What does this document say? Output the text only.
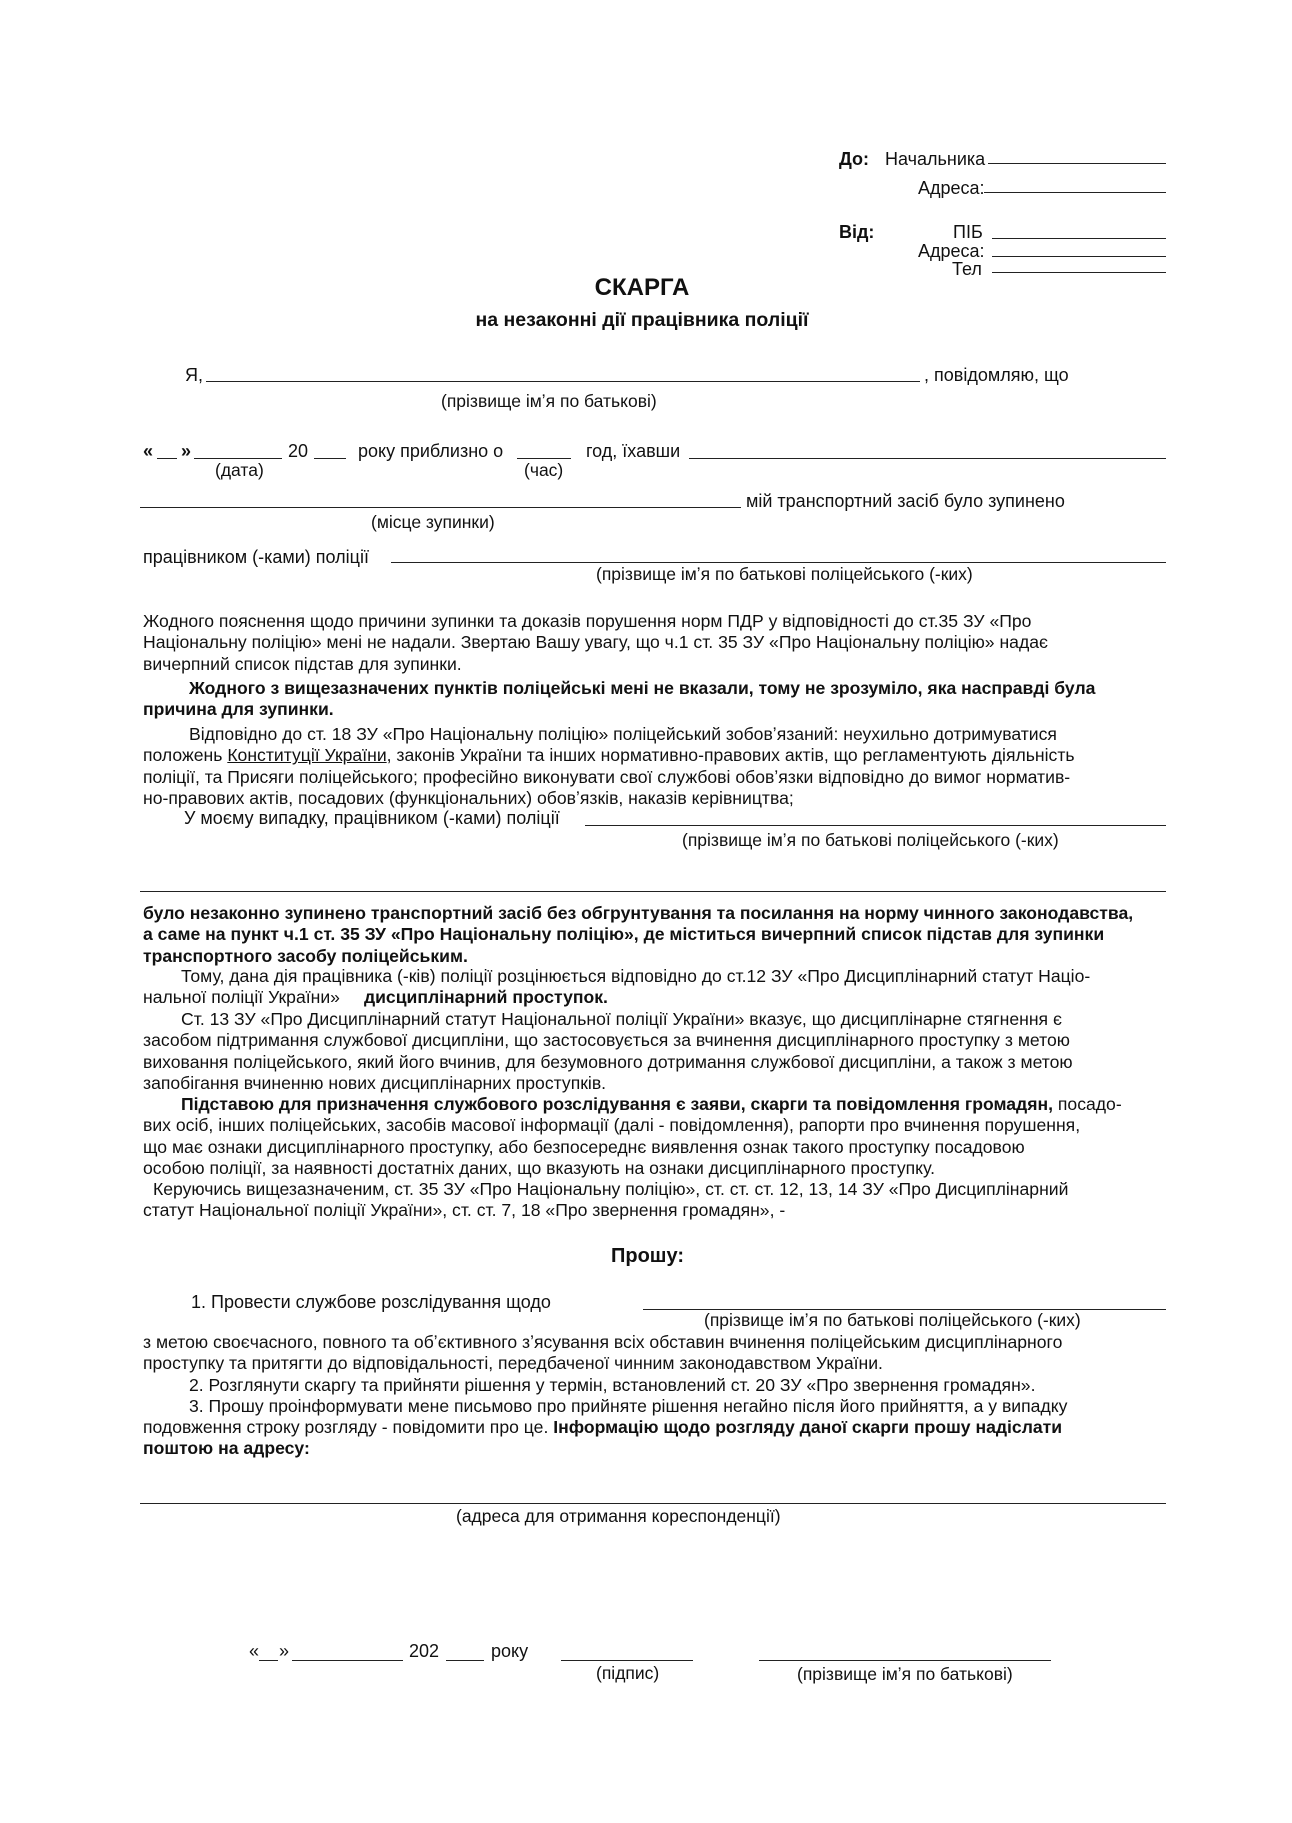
До: Начальника
Адреса:
Від:	ПІБ
Адреса:
Тел
СКАРГА
на незаконні дії працівника поліції
Я,	, повідомляю, що
(прізвище імʼя по батькові)
« »	20	року приблизно о	год, їхавши
(дата)	(час)
мій транспортний засіб було зупинено
(місце зупинки)
працівником (-ками) поліції
(прізвище імʼя по батькові поліцейського (-ких)
Жодного пояснення щодо причини зупинки та доказів порушення норм ПДР у відповідності до ст.35 ЗУ «Про
Національну поліцію» мені не надали. Звертаю Вашу увагу, що ч.1 ст. 35 ЗУ «Про Національну поліцію» надає
вичерпний список підстав для зупинки.
Жодного з вищезазначених пунктів поліцейські мені не вказали, тому не зрозуміло, яка насправді була
причина для зупинки.
Відповідно до ст. 18 ЗУ «Про Національну поліцію» поліцейський зобовʼязаний: неухильно дотримуватися
положень Конституції України, законів України та інших нормативно-правових актів, що регламентують діяльність
поліції, та Присяги поліцейського; професійно виконувати свої службові обовʼязки відповідно до вимог норматив-
но-правових актів, посадових (функціональних) обовʼязків, наказів керівництва;
У моєму випадку, працівником (-ками) поліції
(прізвище імʼя по батькові поліцейського (-ких)
було незаконно зупинено транспортний засіб без обгрунтування та посилання на норму чинного законодавства,
а саме на пункт ч.1 ст. 35 ЗУ «Про Національну поліцію», де міститься вичерпний список підстав для зупинки
транспортного засобу поліцейським.
Тому, дана дія працівника (-ків) поліції розцінюється відповідно до ст.12 ЗУ «Про Дисциплінарний статут Націо-
нальної поліції України» дисциплінарний проступок.
Ст. 13 ЗУ «Про Дисциплінарний статут Національної поліції України» вказує, що дисциплінарне стягнення є
засобом підтримання службової дисципліни, що застосовується за вчинення дисциплінарного проступку з метою
виховання поліцейського, який його вчинив, для безумовного дотримання службової дисципліни, а також з метою
запобігання вчиненню нових дисциплінарних проступків.
Підставою для призначення службового розслідування є заяви, скарги та повідомлення громадян, посадо-
вих осіб, інших поліцейських, засобів масової інформації (далі - повідомлення), рапорти про вчинення порушення,
що має ознаки дисциплінарного проступку, або безпосереднє виявлення ознак такого проступку посадовою
особою поліції, за наявності достатніх даних, що вказують на ознаки дисциплінарного проступку.
Керуючись вищезазначеним, ст. 35 ЗУ «Про Національну поліцію», ст. ст. ст. 12, 13, 14 ЗУ «Про Дисциплінарний
статут Національної поліції України», ст. ст. 7, 18 «Про звернення громадян», -
Прошу:
1. Провести службове розслідування щодо
(прізвище імʼя по батькові поліцейського (-ких)
з метою своєчасного, повного та обʼєктивного зʼясування всіх обставин вчинення поліцейським дисциплінарного
проступку та притягти до відповідальності, передбаченої чинним законодавством України.
2. Розглянути скаргу та прийняти рішення у термін, встановлений ст. 20 ЗУ «Про звернення громадян».
3. Прошу проінформувати мене письмово про прийняте рішення негайно після його прийняття, а у випадку
подовження строку розгляду - повідомити про це. Інформацію щодо розгляду даної скарги прошу надіслати
поштою на адресу:
(адреса для отримання кореспонденції)
« »	202	року
(підпис)	(прізвище імʼя по батькові)
